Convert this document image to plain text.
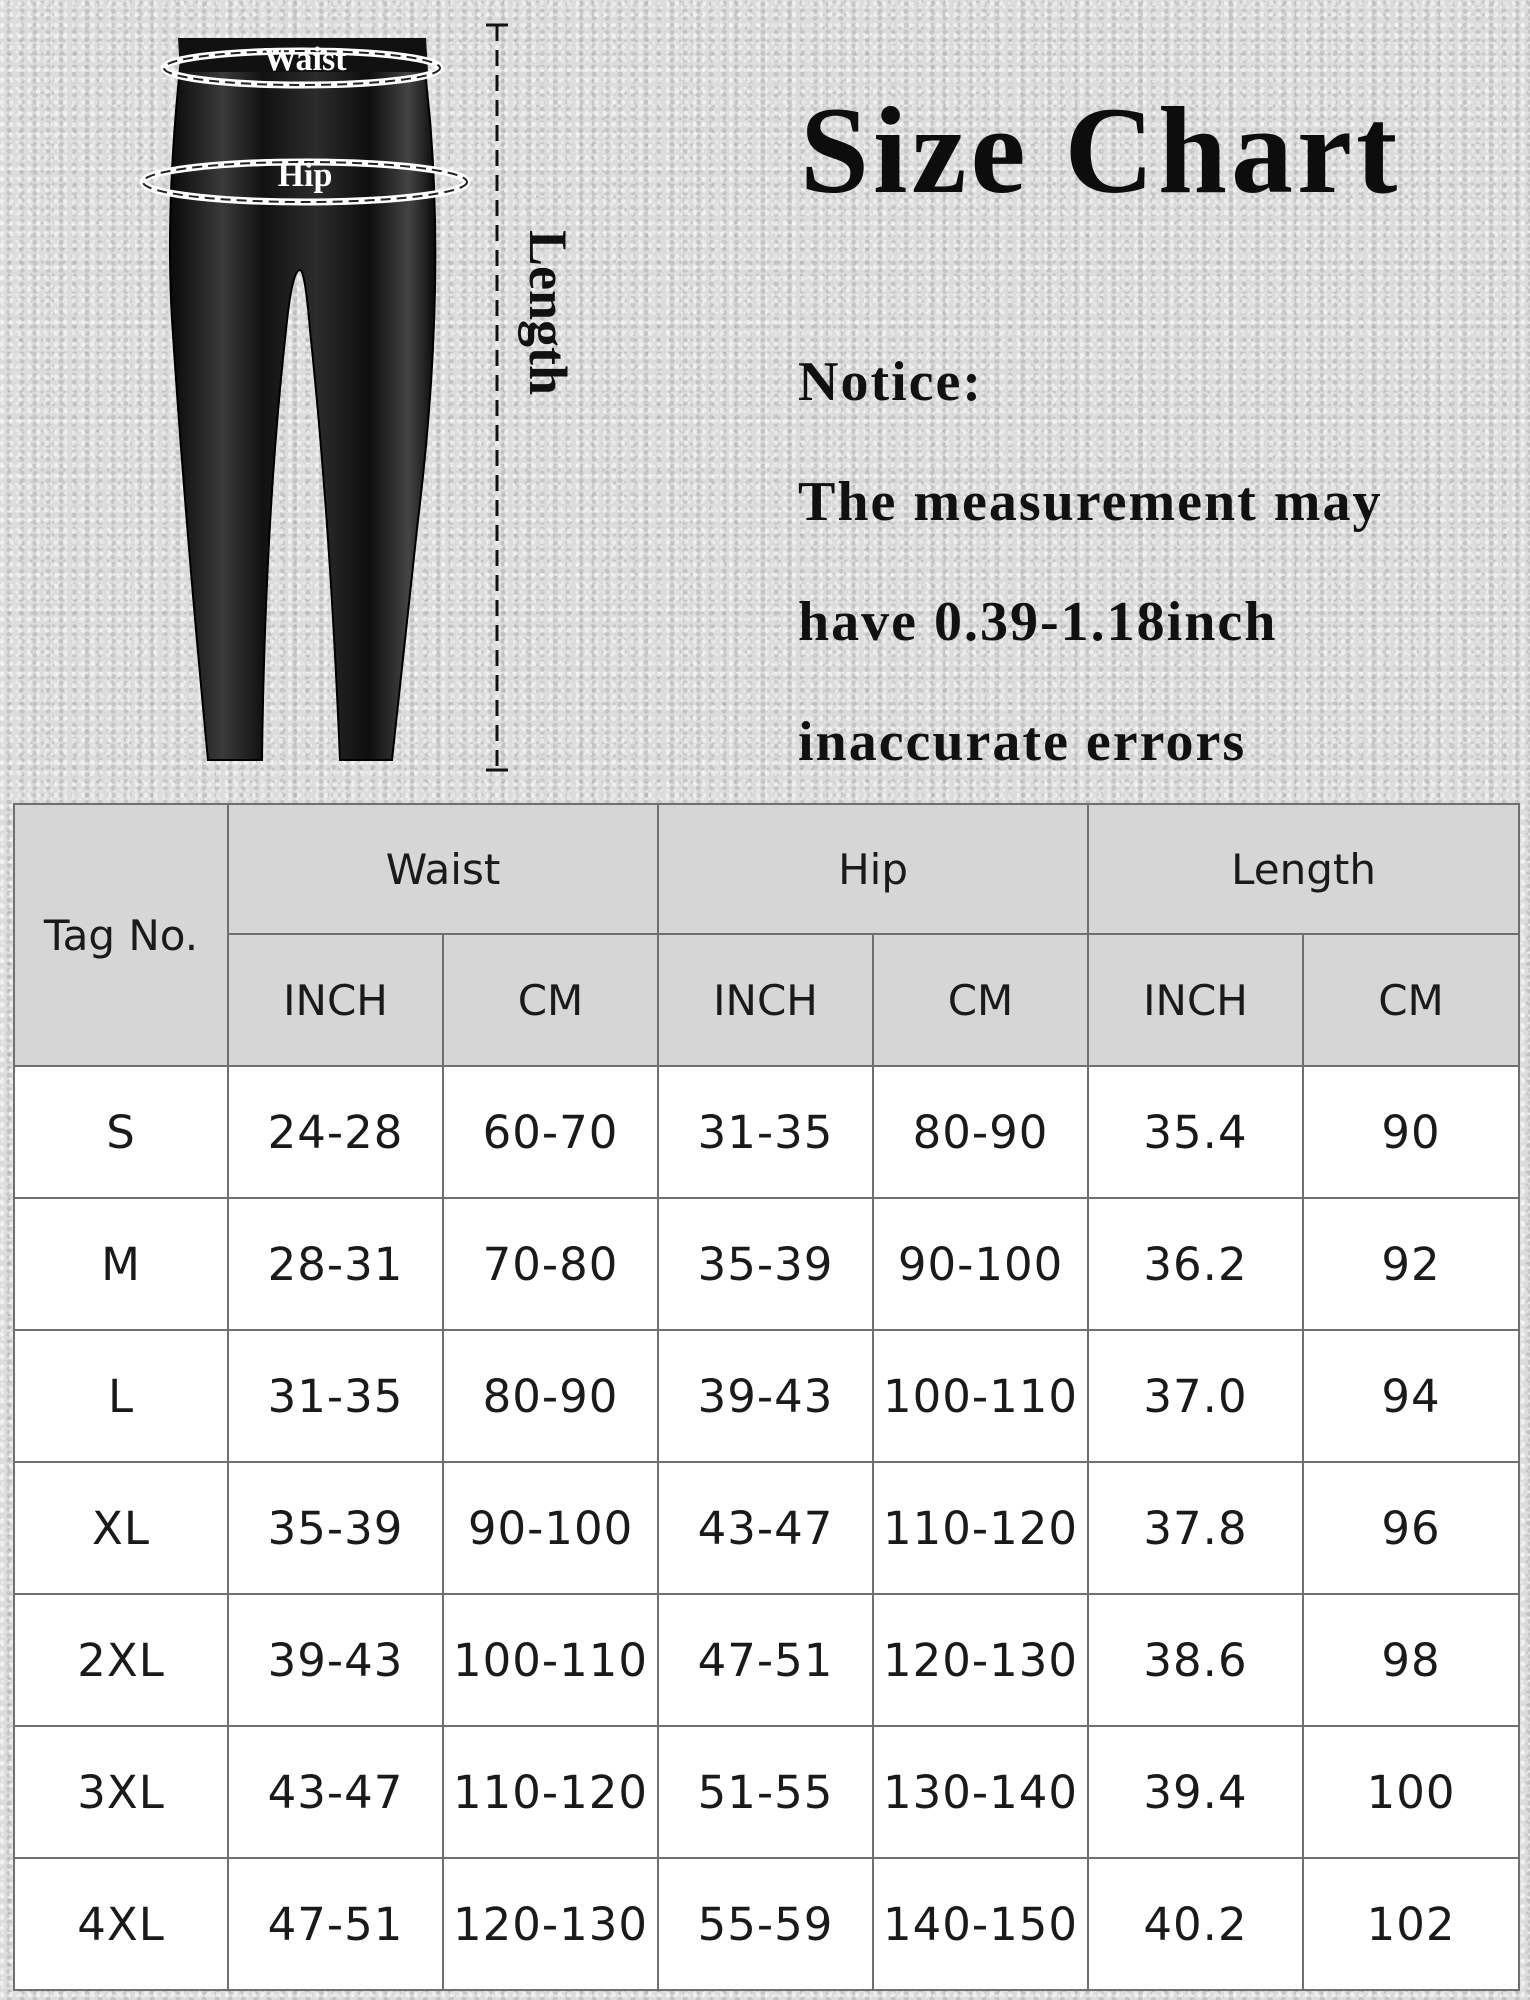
Waist
Hip
Length
Size Chart
Notice:
The measurement may
have 0.39-1.18inch
inaccurate errors
Tag No.	Waist		Hip		Length	
	INCH	CM	INCH	CM	INCH	CM
S	24-28	60-70	31-35	80-90	35.4	90
M	28-31	70-80	35-39	90-100	36.2	92
L	31-35	80-90	39-43	100-110	37.0	94
XL	35-39	90-100	43-47	110-120	37.8	96
2XL	39-43	100-110	47-51	120-130	38.6	98
3XL	43-47	110-120	51-55	130-140	39.4	100
4XL	47-51	120-130	55-59	140-150	40.2	102
